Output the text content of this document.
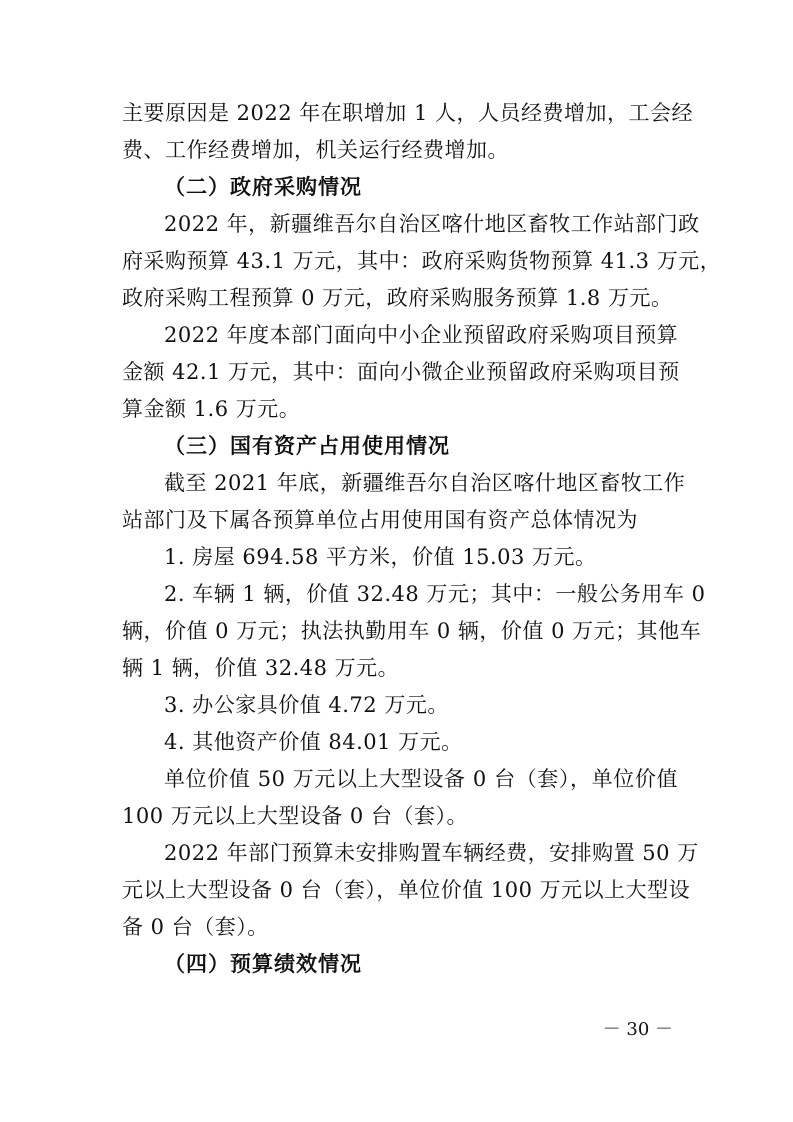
主要原因是 2022 年在职增加 1 人，人员经费增加，工会经
费、工作经费增加，机关运行经费增加。
（二）政府采购情况
2022 年，新疆维吾尔自治区喀什地区畜牧工作站部门政
府采购预算 43.1 万元，其中：政府采购货物预算 41.3 万元，
政府采购工程预算 0 万元，政府采购服务预算 1.8 万元。
2022 年度本部门面向中小企业预留政府采购项目预算
金额 42.1 万元，其中：面向小微企业预留政府采购项目预
算金额 1.6 万元。
（三）国有资产占用使用情况
截至 2021 年底，新疆维吾尔自治区喀什地区畜牧工作
站部门及下属各预算单位占用使用国有资产总体情况为
1. 房屋 694.58 平方米，价值 15.03 万元。
2. 车辆 1 辆，价值 32.48 万元；其中：一般公务用车 0
辆，价值 0 万元；执法执勤用车 0 辆，价值 0 万元；其他车
辆 1 辆，价值 32.48 万元。
3. 办公家具价值 4.72 万元。
4. 其他资产价值 84.01 万元。
单位价值 50 万元以上大型设备 0 台（套），单位价值
100 万元以上大型设备 0 台（套）。
2022 年部门预算未安排购置车辆经费，安排购置 50 万
元以上大型设备 0 台（套），单位价值 100 万元以上大型设
备 0 台（套）。
（四）预算绩效情况
－ 30 －
